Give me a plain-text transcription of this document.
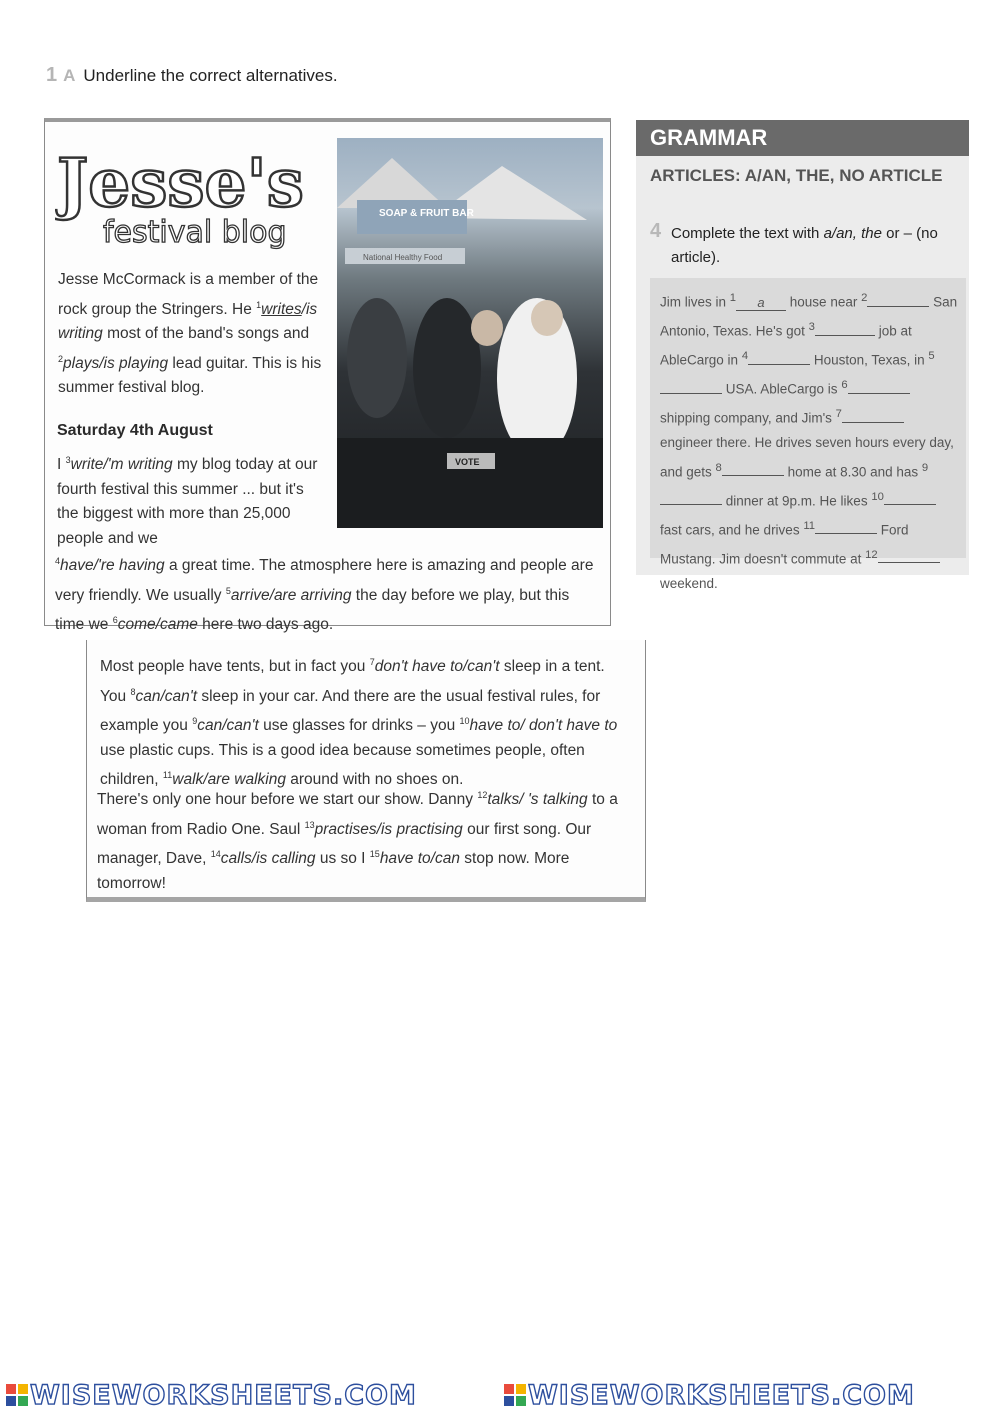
1 A Underline the correct alternatives.
Jesse's
festival blog
SOAP & FRUIT BAR
National Healthy Food
VOTE
Jesse McCormack is a member of the rock group the Stringers. He $^1$writes/is writing most of the band's songs and $^2$plays/is playing lead guitar. This is his summer festival blog.
Saturday 4th August
I $^3$write/'m writing my blog today at our fourth festival this summer ... but it's the biggest with more than 25,000 people and we
$^4$have/'re having a great time. The atmosphere here is amazing and people are very friendly. We usually $^5$arrive/are arriving the day before we play, but this time we $^6$come/came here two days ago.
Most people have tents, but in fact you $^7$don't have to/can't sleep in a tent. You $^8$can/can't sleep in your car. And there are the usual festival rules, for example you $^9$can/can't use glasses for drinks – you $^{10}$have to/ don't have to use plastic cups. This is a good idea because sometimes people, often children, $^{11}$walk/are walking around with no shoes on.
There's only one hour before we start our show. Danny $^{12}$talks/ 's talking to a woman from Radio One. Saul $^{13}$practises/is practising our first song. Our manager, Dave, $^{14}$calls/is calling us so I $^{15}$have to/can stop now. More tomorrow!
GRAMMAR
ARTICLES: A/AN, THE, NO ARTICLE
4 Complete the text with a/an, the or – (no article).
Jim lives in $^1$ a house near $^2$	San Antonio, Texas. He's got $^3$	job at AbleCargo in $^4$	Houston, Texas, in $^5$ USA. AbleCargo is $^6$ shipping company, and Jim's $^7$ engineer there. He drives seven hours every day, and gets $^8$	home at 8.30 and has $^9$ dinner at 9p.m. He likes $^{10}$ fast cars, and he drives $^{11}$	Ford Mustang. Jim doesn't commute at $^{12}$ weekend.
WISEWORKSHEETS.COM	WISEWORKSHEETS.COM
